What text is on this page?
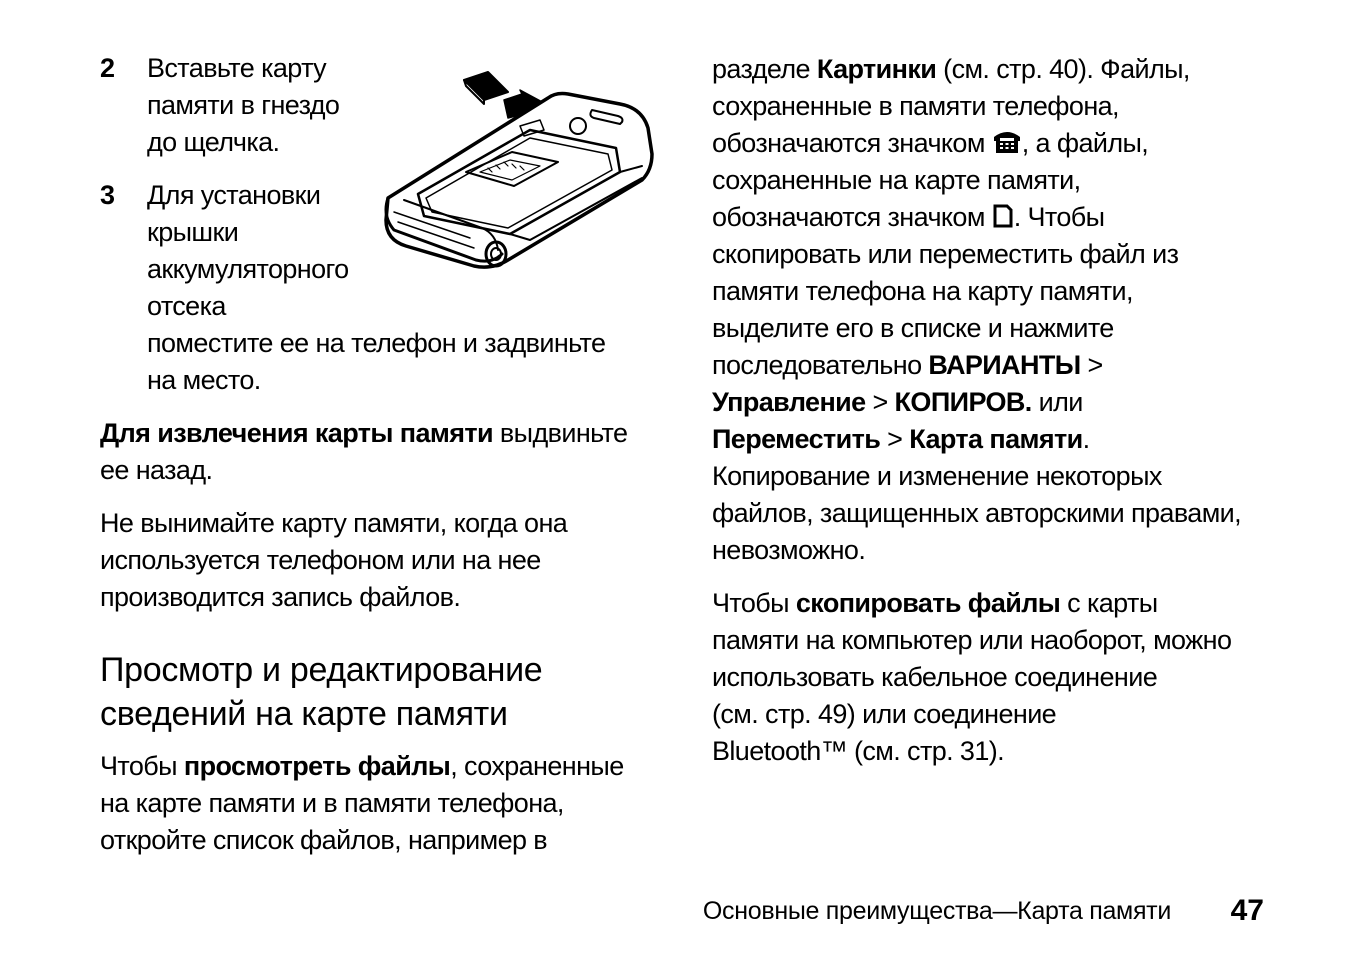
2 Вставьте карту

памяти в гнездо

до щелчка.

3 Для установки

крышки

аккумуляторного

отсека

поместите ее на телефон и задвиньте

на место.

Для извлечения карты памяти выдвиньте

ее назад.

Не вынимайте карту памяти, когда она

используется телефоном или на нее

производится запись файлов.

Просмотр и редактирование
сведений на карте памяти

Чтобы просмотреть файлы, сохраненные

на карте памяти и в памяти телефона,

откройте список файлов, например в

разделе Картинки (см. стр. 40). Файлы,

сохраненные в памяти телефона,

обозначаются значком , а файлы,

сохраненные на карте памяти,

обозначаются значком . Чтобы

скопировать или переместить файл из

памяти телефона на карту памяти,

выделите его в списке и нажмите

последовательно ВАРИАНТЫ >

Управление > КОПИРОВ. или

Переместить > Карта памяти.

Копирование и изменение некоторых

файлов, защищенных авторскими правами,

невозможно.

Чтобы скопировать файлы с карты

памяти на компьютер или наоборот, можно

использовать кабельное соединение

(см. стр. 49) или соединение

Bluetooth™ (см. стр. 31).

Основные преимущества—Карта памяти 47
